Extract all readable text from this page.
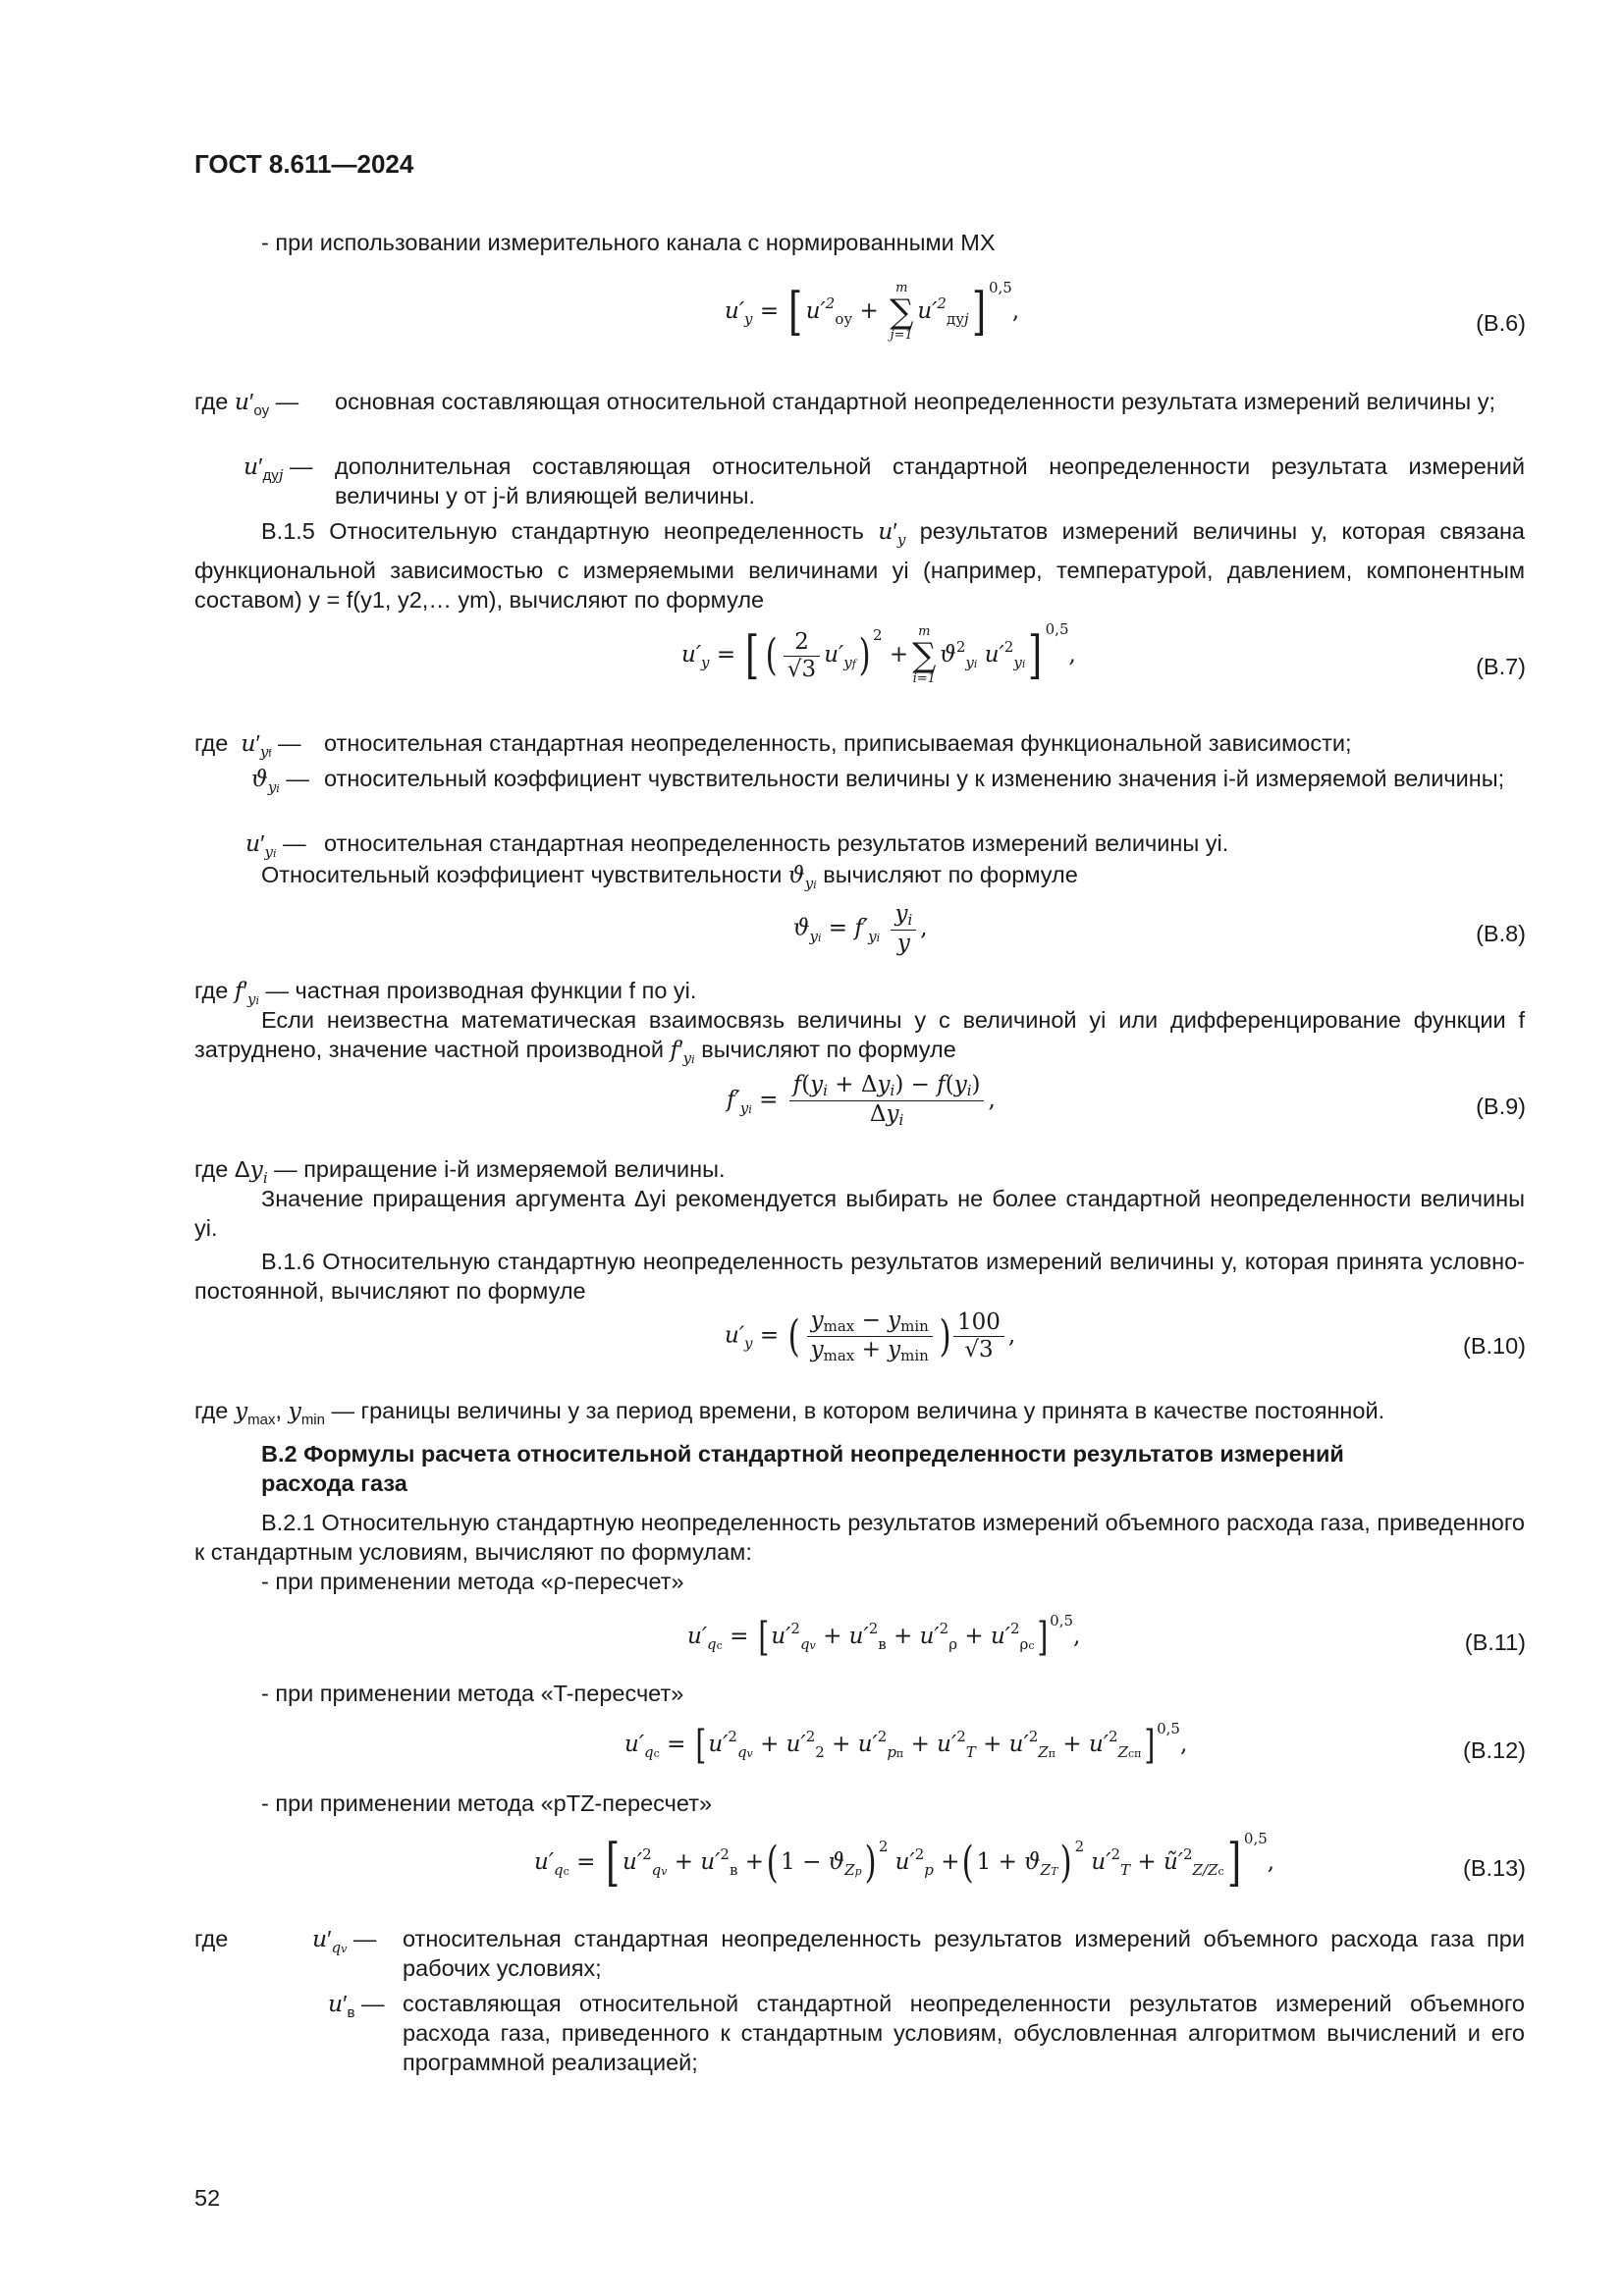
ГОСТ 8.611—2024
- при использовании измерительного канала с нормированными МХ
$u'_y$ = [ $u'^2_{оу} + m$
∑
$j=1u'^2_{дуj}$] $^{0,5}$,	(В.6)
где $u'_{оу}$ — основная составляющая относительной стандартной неопределенности результата измерений величины y;
$u'_{дуj}$ — дополнительная составляющая относительной стандартной неопределенности результата измерений величины y от j-й влияющей величины.
В.1.5 Относительную стандартную неопределенность $u'_y$ результатов измерений величины y, которая связана функциональной зависимостью с измеряемыми величинами yi (например, температурой, давлением, компонентным составом) y = f(y1, y2,… ym), вычисляют по формуле
$u'_y$ = [ ( $\frac{2}{√3} u'_{yf}$) $^2$ +m
∑
$i=1ϑ^2_{yi}$ $u'^2_{yi}$] $^{0,5}$,	(В.7)
где $u'_{yf}$ — относительная стандартная неопределенность, приписываемая функциональной зависимости;
$ϑ_{yi}$ — относительный коэффициент чувствительности величины y к изменению значения i-й измеряемой величины;
$u'_{yi}$ — относительная стандартная неопределенность результатов измерений величины yi.
Относительный коэффициент чувствительности $ϑ_{yi}$ вычисляют по формуле
$ϑ_{yi} = f'_{yi} \frac{y_i}{y}$ ,	(В.8)
где $f'_{yi}$ — частная производная функции f по yi.
Если неизвестна математическая взаимосвязь величины y с величиной yi или дифференцирование функции f затруднено, значение частной производной $f'_{yi}$ вычисляют по формуле
$f'_{yi} = \frac{f(y_i + \Delta y_i) - f(y_i)}{\Delta y_i}$ ,	(В.9)
где $\Delta y_i$ — приращение i-й измеряемой величины.
Значение приращения аргумента Δyi рекомендуется выбирать не более стандартной неопределенности величины yi.
В.1.6 Относительную стандартную неопределенность результатов измерений величины y, которая принята условно-постоянной, вычисляют по формуле
$u'_y$ = ( $\frac{y_{max} - y_{min}}{y_{max} + y_{min}}$ ) $\frac{100}{√3}$ ,	(В.10)
где $y_{max}$, $y_{min}$ — границы величины y за период времени, в котором величина y принята в качестве постоянной.
В.2 Формулы расчета относительной стандартной неопределенности результатов измерений расхода газа
В.2.1 Относительную стандартную неопределенность результатов измерений объемного расхода газа, приведенного к стандартным условиям, вычисляют по формулам:
- при применении метода «ρ-пересчет»
$u'_{qc}$ = [ $u'^2_{qv} + u'^2_в + u'^2_\rho + u'^2_{\rho c}$] $^{0,5}$,	(В.11)
- при применении метода «T-пересчет»
$u'_{qc}$ = [ $u'^2_{qv} + u'^2_2 + u'^2_{pп} + u'^2_T + u'^2_{Zп} + u'^2_{Zсп}$] $^{0,5}$,	(В.12)
- при применении метода «pTZ-пересчет»
$u'_{qc}$ = [ $u'^2_{qv} + u'^2_в$ +( $1 - ϑ_{Zp}$) $^2$ $u'^2_p$ +( $1 + ϑ_{ZT}$) $^2$ $u'^2_T$ + $ũ'^2_{Z/Zc}$] $^{0,5}$,	(В.13)
где	$u'_{qv}$ — относительная стандартная неопределенность результатов измерений объемного расхода газа при рабочих условиях;
$u'_в$ — составляющая относительной стандартной неопределенности результатов измерений объемного расхода газа, приведенного к стандартным условиям, обусловленная алгоритмом вычислений и его программной реализацией;
52
